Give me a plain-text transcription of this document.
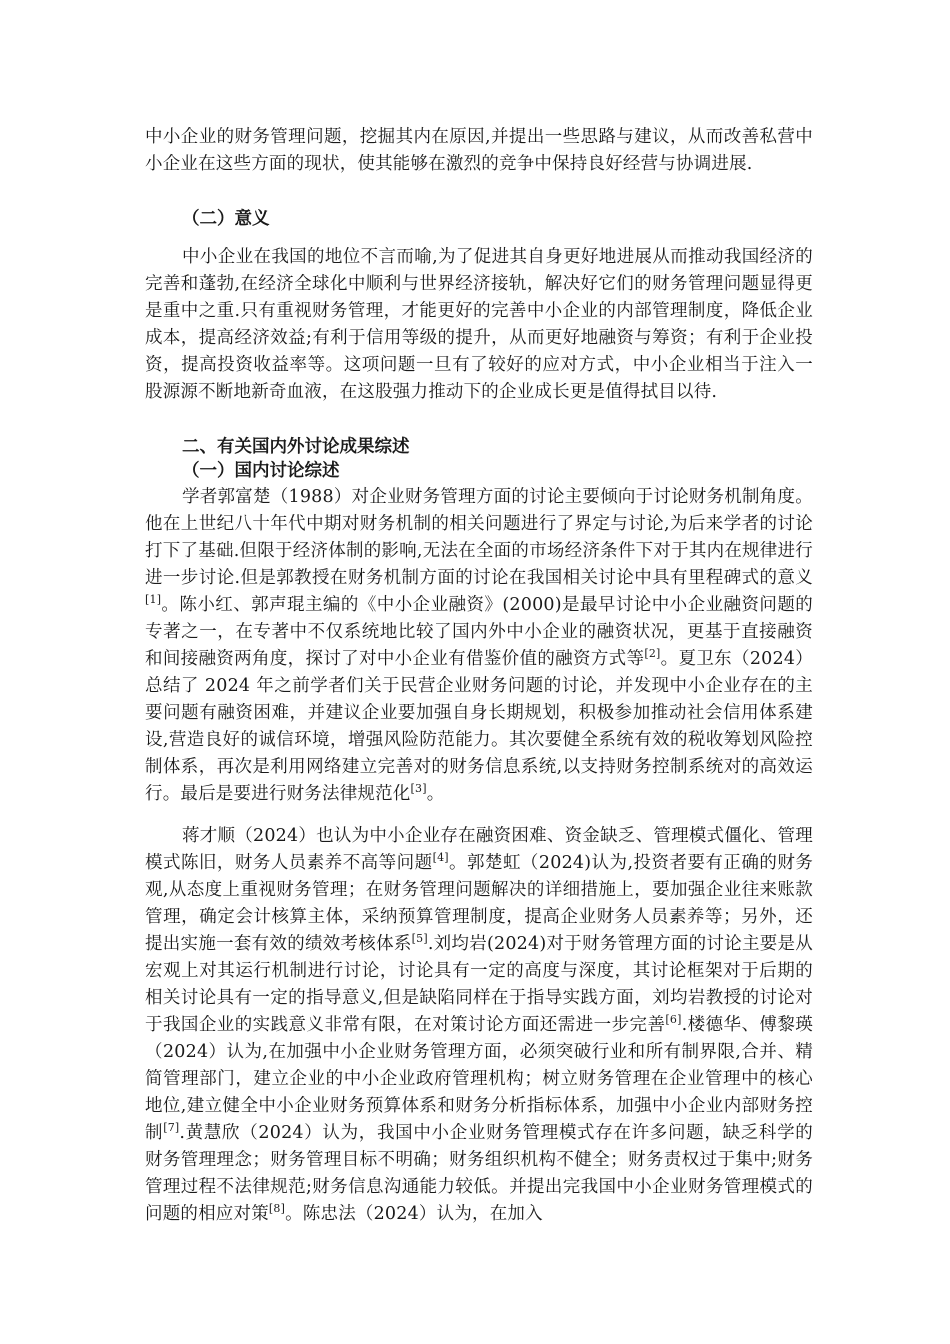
中小企业的财务管理问题，挖掘其内在原因,并提出一些思路与建议，从而改善私营中小企业在这些方面的现状，使其能够在激烈的竞争中保持良好经营与协调进展.

（二）意义

中小企业在我国的地位不言而喻,为了促进其自身更好地进展从而推动我国经济的完善和蓬勃,在经济全球化中顺利与世界经济接轨，解决好它们的财务管理问题显得更是重中之重.只有重视财务管理，才能更好的完善中小企业的内部管理制度，降低企业成本，提高经济效益;有利于信用等级的提升，从而更好地融资与筹资；有利于企业投资，提高投资收益率等。这项问题一旦有了较好的应对方式，中小企业相当于注入一股源源不断地新奇血液，在这股强力推动下的企业成长更是值得拭目以待.

二、有关国内外讨论成果综述

（一）国内讨论综述

学者郭富楚（1988）对企业财务管理方面的讨论主要倾向于讨论财务机制角度。他在上世纪八十年代中期对财务机制的相关问题进行了界定与讨论,为后来学者的讨论打下了基础.但限于经济体制的影响,无法在全面的市场经济条件下对于其内在规律进行进一步讨论.但是郭教授在财务机制方面的讨论在我国相关讨论中具有里程碑式的意义[1]。陈小红、郭声琨主编的《中小企业融资》(2000)是最早讨论中小企业融资问题的专著之一，在专著中不仅系统地比较了国内外中小企业的融资状况，更基于直接融资和间接融资两角度，探讨了对中小企业有借鉴价值的融资方式等[2]。夏卫东（2024）总结了 2024 年之前学者们关于民营企业财务问题的讨论，并发现中小企业存在的主要问题有融资困难，并建议企业要加强自身长期规划，积极参加推动社会信用体系建设,营造良好的诚信环境，增强风险防范能力。其次要健全系统有效的税收筹划风险控制体系，再次是利用网络建立完善对的财务信息系统,以支持财务控制系统对的高效运行。最后是要进行财务法律规范化[3]。

蒋才顺（2024）也认为中小企业存在融资困难、资金缺乏、管理模式僵化、管理模式陈旧，财务人员素养不高等问题[4]。郭楚虹（2024)认为,投资者要有正确的财务观,从态度上重视财务管理；在财务管理问题解决的详细措施上，要加强企业往来账款管理，确定会计核算主体，采纳预算管理制度，提高企业财务人员素养等；另外，还提出实施一套有效的绩效考核体系[5].刘均岩(2024)对于财务管理方面的讨论主要是从宏观上对其运行机制进行讨论，讨论具有一定的高度与深度，其讨论框架对于后期的相关讨论具有一定的指导意义,但是缺陷同样在于指导实践方面，刘均岩教授的讨论对于我国企业的实践意义非常有限，在对策讨论方面还需进一步完善[6].楼德华、傅黎瑛（2024）认为,在加强中小企业财务管理方面，必须突破行业和所有制界限,合并、精简管理部门，建立企业的中小企业政府管理机构；树立财务管理在企业管理中的核心地位,建立健全中小企业财务预算体系和财务分析指标体系，加强中小企业内部财务控制[7].黄慧欣（2024）认为，我国中小企业财务管理模式存在许多问题，缺乏科学的财务管理理念；财务管理目标不明确；财务组织机构不健全；财务责权过于集中;财务管理过程不法律规范;财务信息沟通能力较低。并提出完我国中小企业财务管理模式的问题的相应对策[8]。陈忠法（2024）认为，在加入
